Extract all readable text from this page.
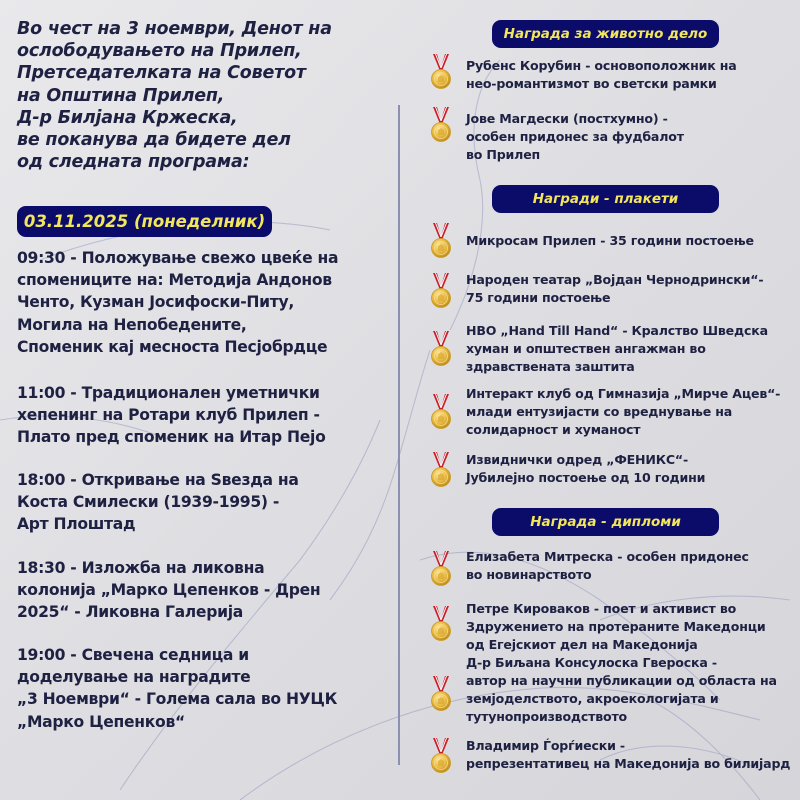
Во чест на 3 ноември, Денот на
ослободувањето на Прилеп,
Претседателката на Советот
на Општина Прилеп,
Д-р Билјана Кржеска,
ве поканува да бидете дел
од следната програма:
03.11.2025 (понеделник)
09:30 - Положување свежо цвеќе на
спомениците на: Методија Андонов
Ченто, Кузман Јосифоски-Питу,
Могила на Непобедените,
Споменик кај месноста Песјобрдце
11:00 - Традиционален уметнички
хепенинг на Ротари клуб Прилеп -
Плато пред споменик на Итар Пејо
18:00 - Откривање на Ѕвезда на
Коста Смилески (1939-1995) -
Арт Плоштад
18:30 - Изложба на ликовна
колонија „Марко Цепенков - Дрен
2025“ - Ликовна Галерија
19:00 - Свечена седница и
доделување на наградите
„3 Ноември“ - Голема сала во НУЦК
„Марко Цепенков“
Награда за животно дело
Рубенс Корубин - основоположник на
нео-романтизмот во светски рамки
Јове Магдески (постхумно) -
особен придонес за фудбалот
во Прилеп
Награди - плакети
Микросам Прилеп - 35 години постоење
Народен театар „Војдан Чернодрински“-
75 години постоење
НВО „Hand Till Hand“ - Кралство Шведска
хуман и општествен ангажман во
здравствената заштита
Интеракт клуб од Гимназија „Мирче Ацев“-
млади ентузијасти со вреднување на
солидарност и хуманост
Извиднички одред „ФЕНИКС“-
Јубилејно постоење од 10 години
Награда - дипломи
Елизабета Митреска - особен придонес
во новинарството
Петре Кироваков - поет и активист во
Здружението на протераните Македонци
од Егејскиот дел на Македонија
Д-р Биљана Консулоска Гвероска -
автор на научни публикации од областа на
земјоделството, акроекологијата и
тутунопроизводството
Владимир Ѓорѓиески -
репрезентативец на Македонија во билијард
